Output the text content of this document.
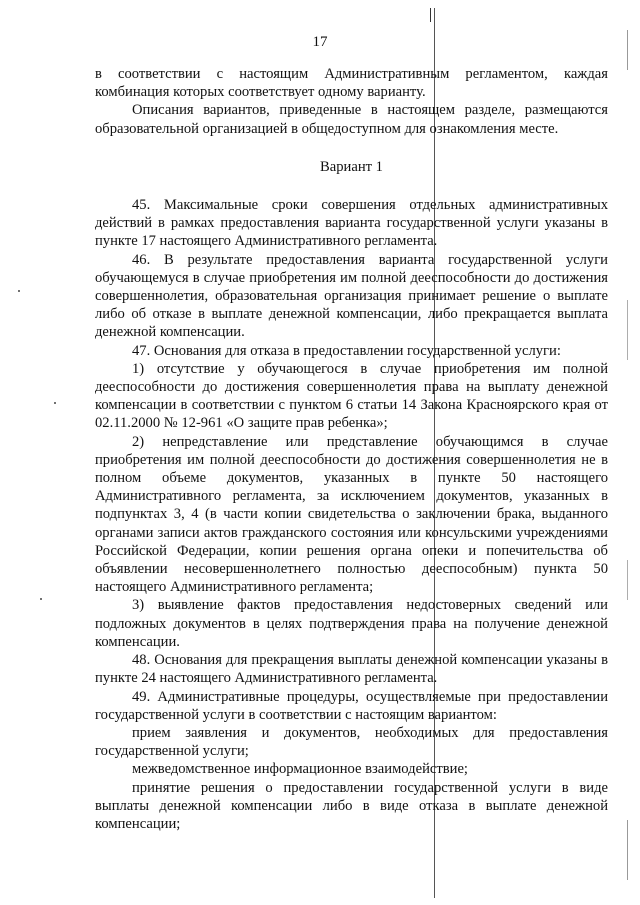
17

в соответствии с настоящим Административным регламентом, каждая комбинация которых соответствует одному варианту.

Описания вариантов, приведенные в настоящем разделе, размещаются образовательной организацией в общедоступном для ознакомления месте.

Вариант 1

45. Максимальные сроки совершения отдельных административных действий в рамках предоставления варианта государственной услуги указаны в пункте 17 настоящего Административного регламента.

46. В результате предоставления варианта государственной услуги обучающемуся в случае приобретения им полной дееспособности до достижения совершеннолетия, образовательная организация принимает решение о выплате либо об отказе в выплате денежной компенсации, либо прекращается выплата денежной компенсации.

47. Основания для отказа в предоставлении государственной услуги:

1) отсутствие у обучающегося в случае приобретения им полной дееспособности до достижения совершеннолетия права на выплату денежной компенсации в соответствии с пунктом 6 статьи 14 Закона Красноярского края от 02.11.2000 № 12-961 «О защите прав ребенка»;

2) непредставление или представление обучающимся в случае приобретения им полной дееспособности до достижения совершеннолетия не в полном объеме документов, указанных в пункте 50 настоящего Административного регламента, за исключением документов, указанных в подпунктах 3, 4 (в части копии свидетельства о заключении брака, выданного органами записи актов гражданского состояния или консульскими учреждениями Российской Федерации, копии решения органа опеки и попечительства об объявлении несовершеннолетнего полностью дееспособным) пункта 50 настоящего Административного регламента;

3) выявление фактов предоставления недостоверных сведений или подложных документов в целях подтверждения права на получение денежной компенсации.

48. Основания для прекращения выплаты денежной компенсации указаны в пункте 24 настоящего Административного регламента.

49. Административные процедуры, осуществляемые при предоставлении государственной услуги в соответствии с настоящим вариантом:

прием заявления и документов, необходимых для предоставления государственной услуги;

межведомственное информационное взаимодействие;

принятие решения о предоставлении государственной услуги в виде выплаты денежной компенсации либо в виде отказа в выплате денежной компенсации;
